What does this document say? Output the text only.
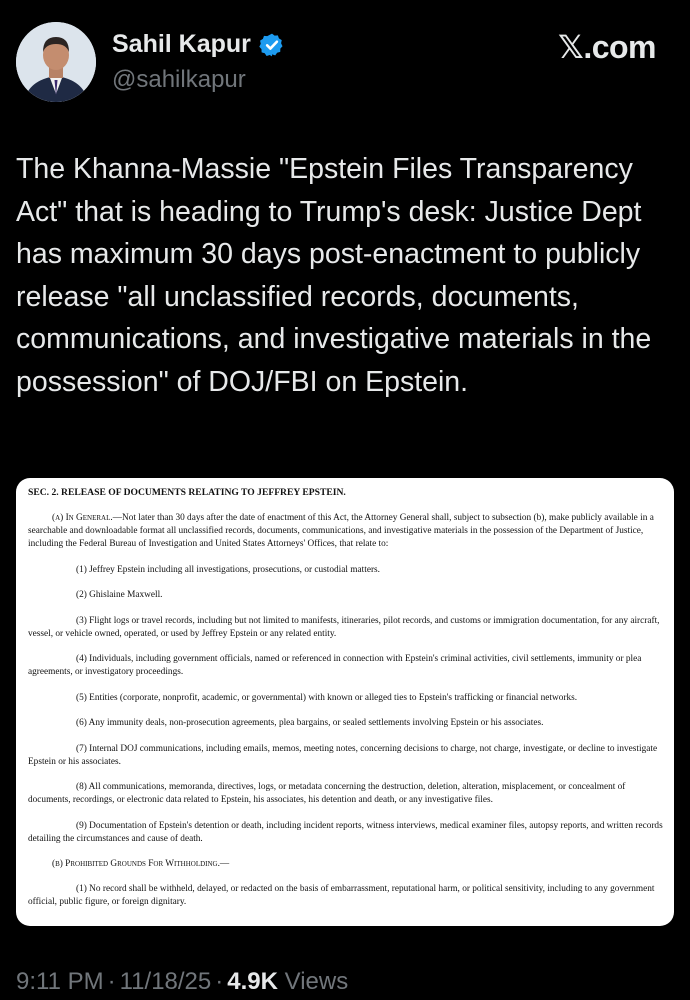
Sahil Kapur
@sahilkapur
𝕏.com
The Khanna-Massie "Epstein Files Transparency Act" that is heading to Trump's desk: Justice Dept has maximum 30 days post-enactment to publicly release "all unclassified records, documents, communications, and investigative materials in the possession" of DOJ/FBI on Epstein.
SEC. 2. RELEASE OF DOCUMENTS RELATING TO JEFFREY EPSTEIN.

(a) In General.—Not later than 30 days after the date of enactment of this Act, the Attorney General shall, subject to subsection (b), make publicly available in a searchable and downloadable format all unclassified records, documents, communications, and investigative materials in the possession of the Department of Justice, including the Federal Bureau of Investigation and United States Attorneys' Offices, that relate to:

(1) Jeffrey Epstein including all investigations, prosecutions, or custodial matters.

(2) Ghislaine Maxwell.

(3) Flight logs or travel records, including but not limited to manifests, itineraries, pilot records, and customs or immigration documentation, for any aircraft, vessel, or vehicle owned, operated, or used by Jeffrey Epstein or any related entity.

(4) Individuals, including government officials, named or referenced in connection with Epstein's criminal activities, civil settlements, immunity or plea agreements, or investigatory proceedings.

(5) Entities (corporate, nonprofit, academic, or governmental) with known or alleged ties to Epstein's trafficking or financial networks.

(6) Any immunity deals, non-prosecution agreements, plea bargains, or sealed settlements involving Epstein or his associates.

(7) Internal DOJ communications, including emails, memos, meeting notes, concerning decisions to charge, not charge, investigate, or decline to investigate Epstein or his associates.

(8) All communications, memoranda, directives, logs, or metadata concerning the destruction, deletion, alteration, misplacement, or concealment of documents, recordings, or electronic data related to Epstein, his associates, his detention and death, or any investigative files.

(9) Documentation of Epstein's detention or death, including incident reports, witness interviews, medical examiner files, autopsy reports, and written records detailing the circumstances and cause of death.

(b) Prohibited Grounds For Withholding.—

(1) No record shall be withheld, delayed, or redacted on the basis of embarrassment, reputational harm, or political sensitivity, including to any government official, public figure, or foreign dignitary.

9:11 PM · 11/18/25 · 4.9K Views
